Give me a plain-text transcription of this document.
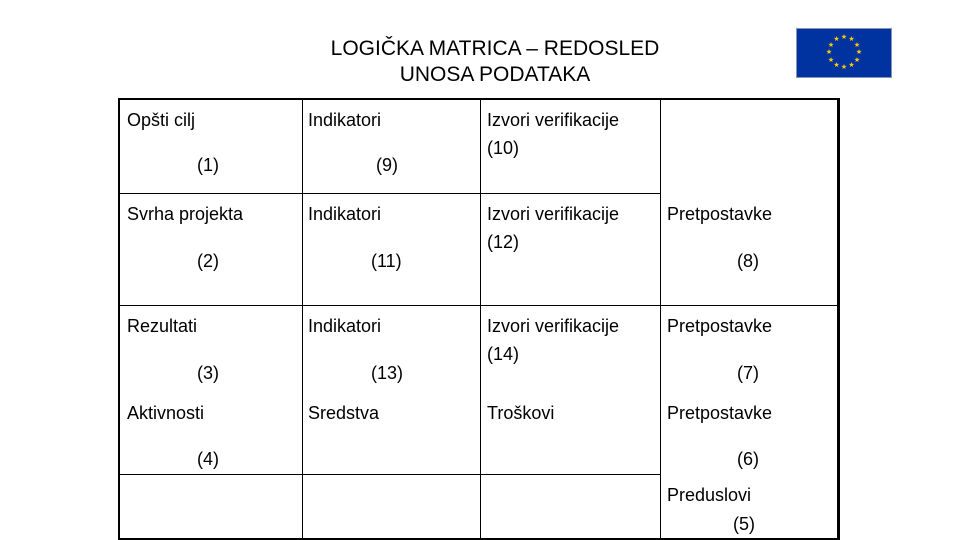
LOGIČKA MATRICA – REDOSLED
UNOSA PODATAKA
★ ★
★
★
★
★
★
★
★
★
★
★
Opšti cilj
(1)
Indikatori
(9)
Izvori verifikacije
(10)
Svrha projekta
(2)
Indikatori
(11)
Izvori verifikacije
(12)
Pretpostavke
(8)
Rezultati
(3)
Indikatori
(13)
Izvori verifikacije
(14)
Pretpostavke
(7)
Aktivnosti
(4)
Sredstva	Troškovi	Pretpostavke
(6)
Preduslovi
(5)
